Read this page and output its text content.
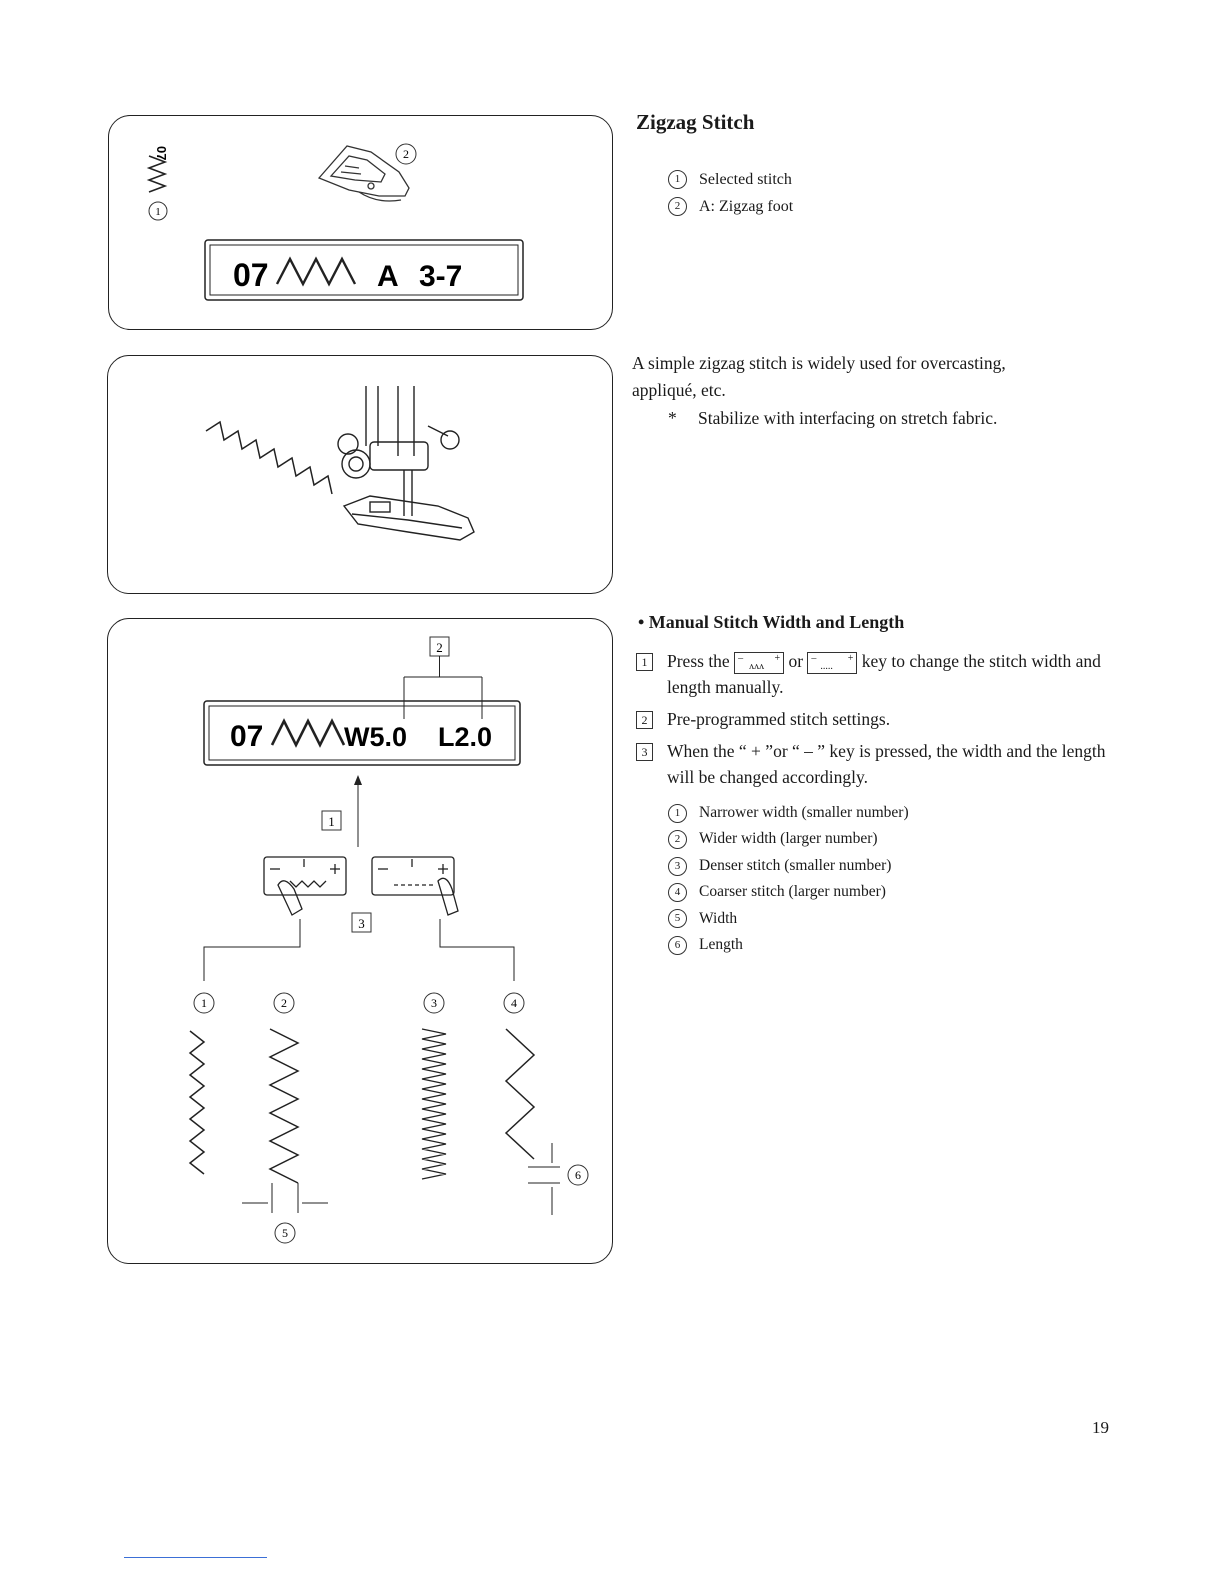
07
1
2
07	A 3-7
2
07	W5.0 L2.0
1
3
1	2	3	4
5
6
Zigzag Stitch
1	Selected stitch
2	A: Zigzag foot
A simple zigzag stitch is widely used for overcasting,
appliqué, etc.
* Stabilize with interfacing on stretch fabric.
• Manual Stitch Width and Length
1	Press the –	+
ʌʌʌ or –	+
..... key to change the stitch width and length manually.
2	Pre-programmed stitch settings.
3	When the “ + ”or “ – ” key is pressed, the width and the length will be changed accordingly.
1	Narrower width (smaller number)
2	Wider width (larger number)
3	Denser stitch (smaller number)
4	Coarser stitch (larger number)
5	Width
6	Length
19
